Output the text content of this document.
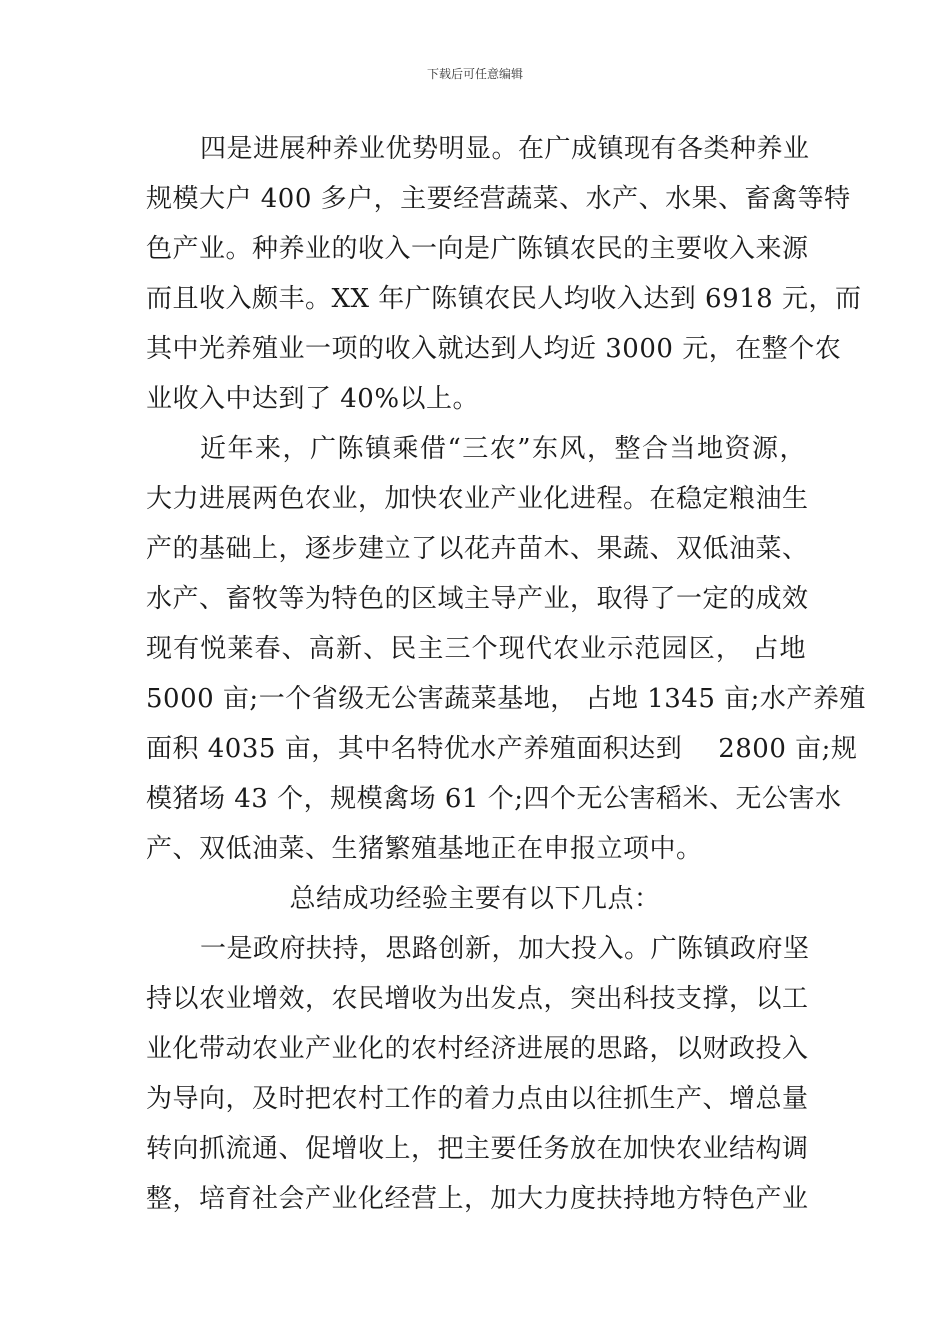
下载后可任意编辑
四是进展种养业优势明显。在广成镇现有各类种养业
规模大户 400 多户，主要经营蔬菜、水产、水果、畜禽等特
色产业。种养业的收入一向是广陈镇农民的主要收入来源
而且收入颇丰。XX 年广陈镇农民人均收入达到 6918 元，而
其中光养殖业一项的收入就达到人均近 3000 元，在整个农
业收入中达到了 40%以上。
近年来，广陈镇乘借“三农”东风，整合当地资源，
大力进展两色农业，加快农业产业化进程。在稳定粮油生
产的基础上，逐步建立了以花卉苗木、果蔬、双低油菜、
水产、畜牧等为特色的区域主导产业，取得了一定的成效
现有悦莱春、高新、民主三个现代农业示范园区， 占地
5000 亩;一个省级无公害蔬菜基地， 占地 1345 亩;水产养殖
面积 4035 亩，其中名特优水产养殖面积达到 2800 亩;规
模猪场 43 个，规模禽场 61 个;四个无公害稻米、无公害水
产、双低油菜、生猪繁殖基地正在申报立项中。
总结成功经验主要有以下几点：
一是政府扶持，思路创新，加大投入。广陈镇政府坚
持以农业增效，农民增收为出发点，突出科技支撑，以工
业化带动农业产业化的农村经济进展的思路，以财政投入
为导向，及时把农村工作的着力点由以往抓生产、增总量
转向抓流通、促增收上，把主要任务放在加快农业结构调
整，培育社会产业化经营上，加大力度扶持地方特色产业
